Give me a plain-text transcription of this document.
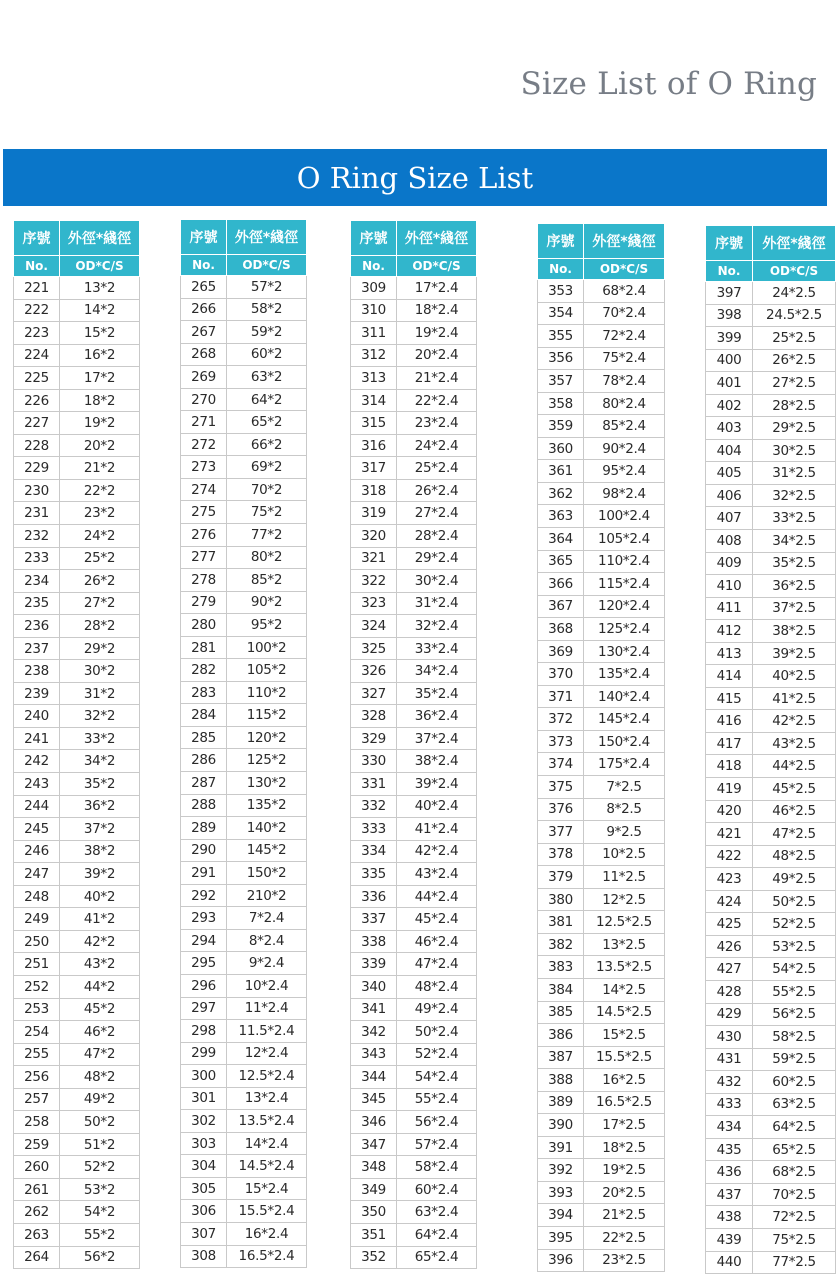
Size List of O Ring
O Ring Size List
序號	外徑*綫徑
No.	OD*C/S
221	13*2
222	14*2
223	15*2
224	16*2
225	17*2
226	18*2
227	19*2
228	20*2
229	21*2
230	22*2
231	23*2
232	24*2
233	25*2
234	26*2
235	27*2
236	28*2
237	29*2
238	30*2
239	31*2
240	32*2
241	33*2
242	34*2
243	35*2
244	36*2
245	37*2
246	38*2
247	39*2
248	40*2
249	41*2
250	42*2
251	43*2
252	44*2
253	45*2
254	46*2
255	47*2
256	48*2
257	49*2
258	50*2
259	51*2
260	52*2
261	53*2
262	54*2
263	55*2
264	56*2
序號	外徑*綫徑
No.	OD*C/S
265	57*2
266	58*2
267	59*2
268	60*2
269	63*2
270	64*2
271	65*2
272	66*2
273	69*2
274	70*2
275	75*2
276	77*2
277	80*2
278	85*2
279	90*2
280	95*2
281	100*2
282	105*2
283	110*2
284	115*2
285	120*2
286	125*2
287	130*2
288	135*2
289	140*2
290	145*2
291	150*2
292	210*2
293	7*2.4
294	8*2.4
295	9*2.4
296	10*2.4
297	11*2.4
298	11.5*2.4
299	12*2.4
300	12.5*2.4
301	13*2.4
302	13.5*2.4
303	14*2.4
304	14.5*2.4
305	15*2.4
306	15.5*2.4
307	16*2.4
308	16.5*2.4
序號	外徑*綫徑
No.	OD*C/S
309	17*2.4
310	18*2.4
311	19*2.4
312	20*2.4
313	21*2.4
314	22*2.4
315	23*2.4
316	24*2.4
317	25*2.4
318	26*2.4
319	27*2.4
320	28*2.4
321	29*2.4
322	30*2.4
323	31*2.4
324	32*2.4
325	33*2.4
326	34*2.4
327	35*2.4
328	36*2.4
329	37*2.4
330	38*2.4
331	39*2.4
332	40*2.4
333	41*2.4
334	42*2.4
335	43*2.4
336	44*2.4
337	45*2.4
338	46*2.4
339	47*2.4
340	48*2.4
341	49*2.4
342	50*2.4
343	52*2.4
344	54*2.4
345	55*2.4
346	56*2.4
347	57*2.4
348	58*2.4
349	60*2.4
350	63*2.4
351	64*2.4
352	65*2.4
序號	外徑*綫徑
No.	OD*C/S
353	68*2.4
354	70*2.4
355	72*2.4
356	75*2.4
357	78*2.4
358	80*2.4
359	85*2.4
360	90*2.4
361	95*2.4
362	98*2.4
363	100*2.4
364	105*2.4
365	110*2.4
366	115*2.4
367	120*2.4
368	125*2.4
369	130*2.4
370	135*2.4
371	140*2.4
372	145*2.4
373	150*2.4
374	175*2.4
375	7*2.5
376	8*2.5
377	9*2.5
378	10*2.5
379	11*2.5
380	12*2.5
381	12.5*2.5
382	13*2.5
383	13.5*2.5
384	14*2.5
385	14.5*2.5
386	15*2.5
387	15.5*2.5
388	16*2.5
389	16.5*2.5
390	17*2.5
391	18*2.5
392	19*2.5
393	20*2.5
394	21*2.5
395	22*2.5
396	23*2.5
序號	外徑*綫徑
No.	OD*C/S
397	24*2.5
398	24.5*2.5
399	25*2.5
400	26*2.5
401	27*2.5
402	28*2.5
403	29*2.5
404	30*2.5
405	31*2.5
406	32*2.5
407	33*2.5
408	34*2.5
409	35*2.5
410	36*2.5
411	37*2.5
412	38*2.5
413	39*2.5
414	40*2.5
415	41*2.5
416	42*2.5
417	43*2.5
418	44*2.5
419	45*2.5
420	46*2.5
421	47*2.5
422	48*2.5
423	49*2.5
424	50*2.5
425	52*2.5
426	53*2.5
427	54*2.5
428	55*2.5
429	56*2.5
430	58*2.5
431	59*2.5
432	60*2.5
433	63*2.5
434	64*2.5
435	65*2.5
436	68*2.5
437	70*2.5
438	72*2.5
439	75*2.5
440	77*2.5
